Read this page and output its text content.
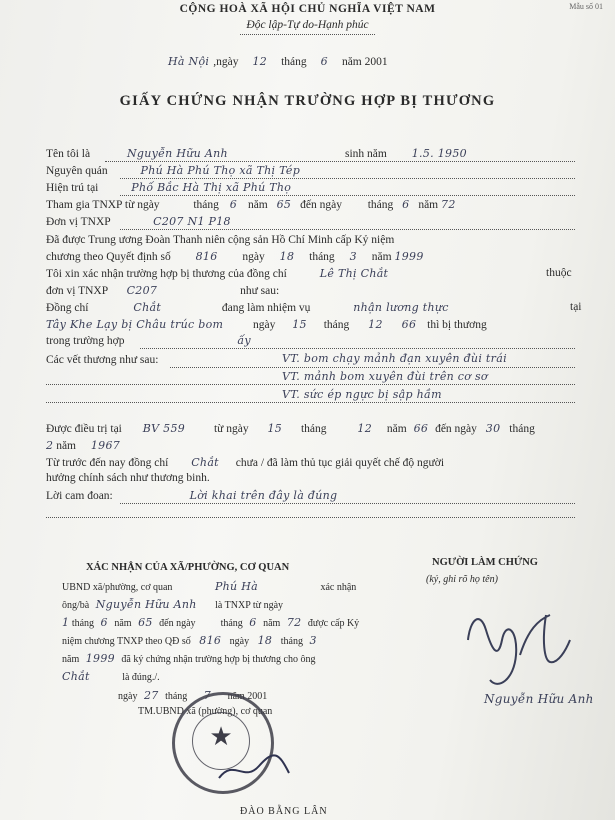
Mẫu số 01
CỘNG HOÀ XÃ HỘI CHỦ NGHĨA VIỆT NAM
Độc lập-Tự do-Hạnh phúc
Hà Nội ,ngày 12 tháng 6 năm 2001
GIẤY CHỨNG NHẬN TRƯỜNG HỢP BỊ THƯƠNG
Tên tôi là	Nguyễn Hữu Anh	sinh năm 1.5. 1950
Nguyên quán	Phú Hà Phú Thọ xã Thị Tép
Hiện trú tại	Phố Bắc Hà Thị xã Phú Thọ
Tham gia TNXP từ ngày	tháng 6 năm 65 đến ngày tháng 6 năm 72
Đơn vị TNXP	C207 N1 P18
Đã được Trung ương Đoàn Thanh niên cộng sản Hồ Chí Minh cấp Kỷ niệm
chương theo Quyết định số 816 ngày 18 tháng 3 năm 1999
Tôi xin xác nhận trường hợp bị thương của đồng chí	Lê Thị Chắt	thuộc
đơn vị TNXP C207	như sau:
Đồng chí	Chắt	đang làm nhiệm vụ	nhận lương thực	tại
Tây Khe Lạy bị Châu trúc bom	ngày 15 tháng 12 66 thì bị thương
trong trường hợp	ấy
Các vết thương như sau:	VT. bom chạy mảnh đạn xuyên đùi trái
VT. mảnh bom xuyên đùi trên cơ sơ
VT. sức ép ngực bị sập hầm
Được điều trị tại BV 559	từ ngày 15 tháng	12 năm 66 đến ngày 30 tháng
2 năm 1967
Từ trước đến nay đồng chí Chắt chưa / đã làm thủ tục giải quyết chế độ người
hưởng chính sách như thương binh.
Lời cam đoan:	Lời khai trên đây là đúng
XÁC NHẬN CỦA XÃ/PHƯỜNG, CƠ QUAN
UBND xã/phường, cơ quan	Phú Hà	xác nhận
ông/bà Nguyễn Hữu Anh là TNXP từ ngày
1 tháng 6 năm 65 đến ngày	tháng 6 năm 72 được cấp Kỷ
niệm chương TNXP theo QĐ số 816 ngày 18 tháng 3
năm 1999 đã ký chứng nhận trường hợp bị thương cho ông
Chắt	là đúng./.
ngày 27 tháng 7 năm 2001
TM.UBND xã (phường), cơ quan
★
ĐÀO BẰNG LÂN
NGƯỜI LÀM CHỨNG
(ký, ghi rõ họ tên)
Nguyễn Hữu Anh
